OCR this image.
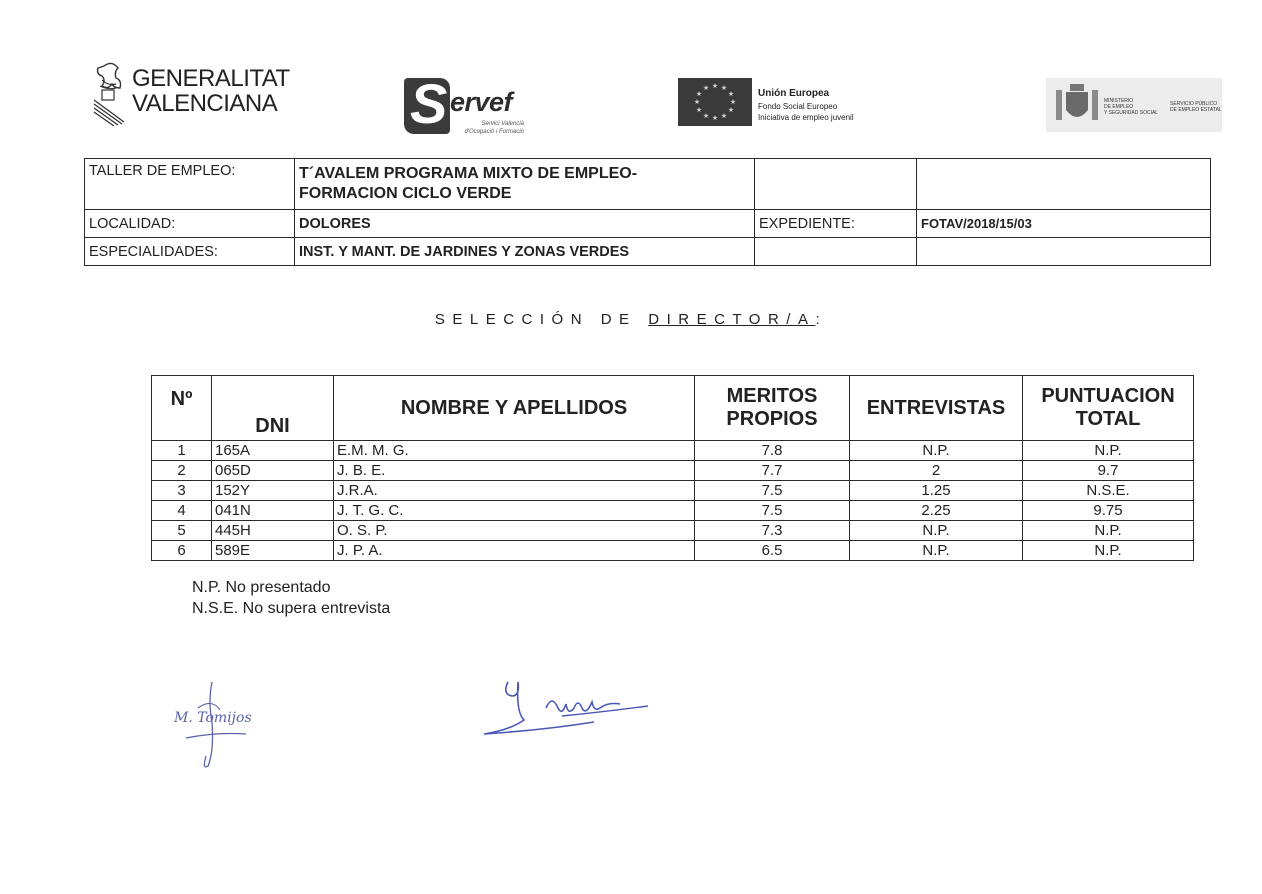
GENERALITAT
VALENCIANA S ervef
Servici Valencià
d'Ocupació i Formació
★ ★
★
★
★
★
★
★
★
★
★
★	Unión Europea
Fondo Social Europeo
Iniciativa de empleo juvenil
MINISTERIO
DE EMPLEO
Y SEGURIDAD SOCIAL
SERVICIO PÚBLICO
DE EMPLEO ESTATAL
TALLER DE EMPLEO:	T´AVALEM PROGRAMA MIXTO DE EMPLEO-
FORMACION CICLO VERDE		
LOCALIDAD:	DOLORES	EXPEDIENTE:	FOTAV/2018/15/03
ESPECIALIDADES:	INST. Y MANT. DE JARDINES Y ZONAS VERDES		
SELECCIÓN DE DIRECTOR/A:
Nº	DNI	NOMBRE Y APELLIDOS	MERITOS
PROPIOS	ENTREVISTAS	PUNTUACION
TOTAL
1	165A	E.M. M. G.	7.8	N.P.	N.P.
2	065D	J. B. E.	7.7	2	9.7
3	152Y	J.R.A.	7.5	1.25	N.S.E.
4	041N	J. T. G. C.	7.5	2.25	9.75
5	445H	O. S. P.	7.3	N.P.	N.P.
6	589E	J. P. A.	6.5	N.P.	N.P.
N.P. No presentado
N.S.E. No supera entrevista
M. Tomijos
